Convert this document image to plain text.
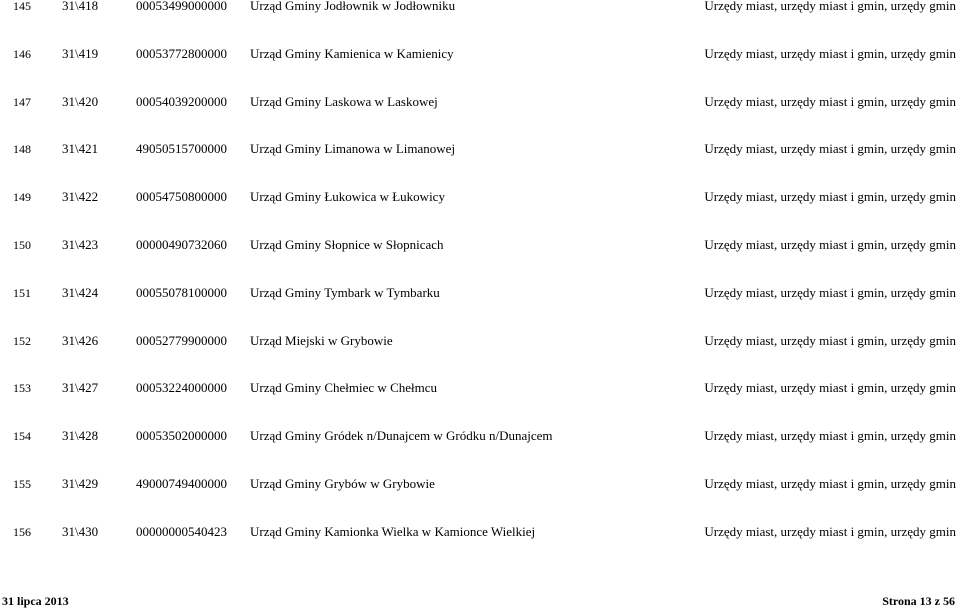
145 31\418	00053499000000 Urząd Gminy Jodłownik w Jodłowniku	Urzędy miast, urzędy miast i gmin, urzędy gmin
146 31\419	00053772800000 Urząd Gminy Kamienica w Kamienicy	Urzędy miast, urzędy miast i gmin, urzędy gmin
147 31\420	00054039200000 Urząd Gminy Laskowa w Laskowej	Urzędy miast, urzędy miast i gmin, urzędy gmin
148 31\421	49050515700000 Urząd Gminy Limanowa w Limanowej	Urzędy miast, urzędy miast i gmin, urzędy gmin
149 31\422	00054750800000 Urząd Gminy Łukowica w Łukowicy	Urzędy miast, urzędy miast i gmin, urzędy gmin
150 31\423	00000490732060 Urząd Gminy Słopnice w Słopnicach	Urzędy miast, urzędy miast i gmin, urzędy gmin
151 31\424	00055078100000 Urząd Gminy Tymbark w Tymbarku	Urzędy miast, urzędy miast i gmin, urzędy gmin
152 31\426	00052779900000 Urząd Miejski w Grybowie	Urzędy miast, urzędy miast i gmin, urzędy gmin
153 31\427	00053224000000 Urząd Gminy Chełmiec w Chełmcu	Urzędy miast, urzędy miast i gmin, urzędy gmin
154 31\428	00053502000000 Urząd Gminy Gródek n/Dunajcem w Gródku n/Dunajcem	Urzędy miast, urzędy miast i gmin, urzędy gmin
155 31\429	49000749400000 Urząd Gminy Grybów w Grybowie	Urzędy miast, urzędy miast i gmin, urzędy gmin
156 31\430	00000000540423 Urząd Gminy Kamionka Wielka w Kamionce Wielkiej	Urzędy miast, urzędy miast i gmin, urzędy gmin
31 lipca 2013	Strona 13 z 56
